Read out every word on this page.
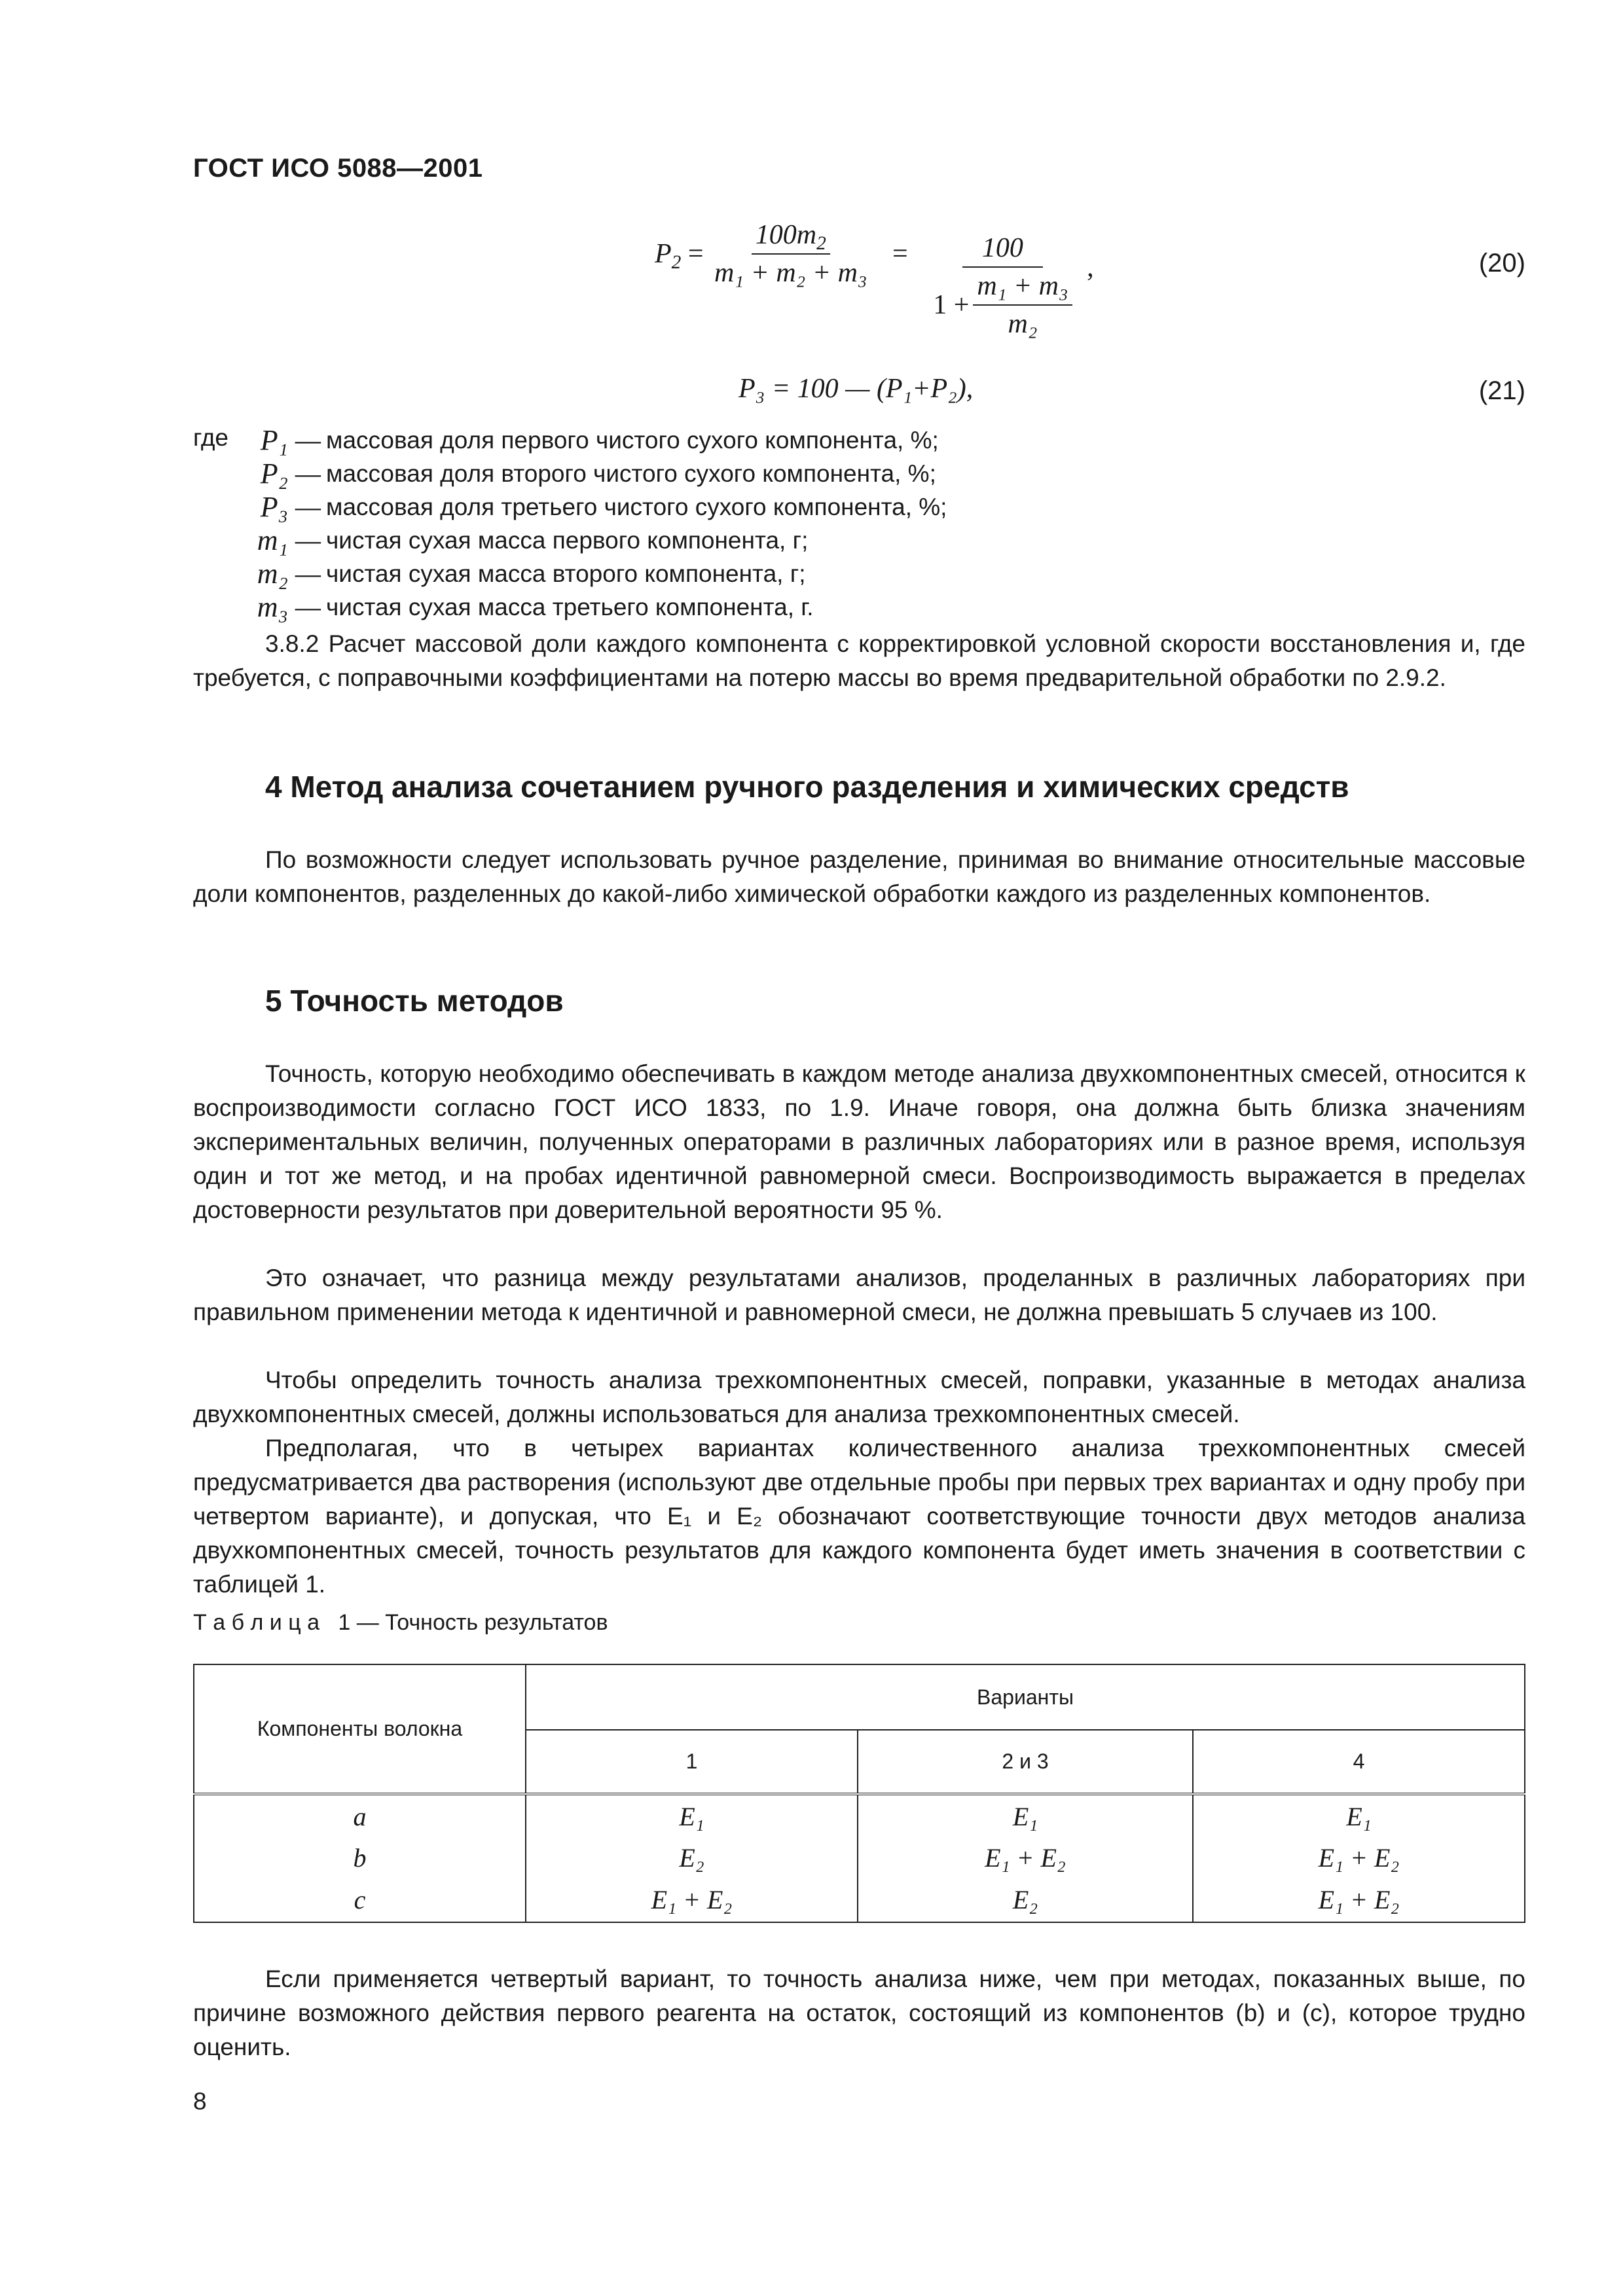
ГОСТ ИСО 5088—2001
$P_2 = \frac{100m_2}{\text{m₁ + m₂ + m₃}} = \frac{100}{1 + \frac{\text{m₁ + m₃}}{\text{m₂}}}$ ,	(20)
P₃ = 100 — (P₁+P₂),	(21)
где P₁ — массовая доля первого чистого сухого компонента, %;
P₂ — массовая доля второго чистого сухого компонента, %;
P₃ — массовая доля третьего чистого сухого компонента, %;
m₁ — чистая сухая масса первого компонента, г;
m₂ — чистая сухая масса второго компонента, г;
m₃ — чистая сухая масса третьего компонента, г.
3.8.2 Расчет массовой доли каждого компонента с корректировкой условной скорости восстановления и, где требуется, с поправочными коэффициентами на потерю массы во время предварительной обработки по 2.9.2.
4 Метод анализа сочетанием ручного разделения и химических средств
По возможности следует использовать ручное разделение, принимая во внимание относительные массовые доли компонентов, разделенных до какой-либо химической обработки каждого из разделенных компонентов.
5 Точность методов
Точность, которую необходимо обеспечивать в каждом методе анализа двухкомпонентных смесей, относится к воспроизводимости согласно ГОСТ ИСО 1833, по 1.9. Иначе говоря, она должна быть близка значениям экспериментальных величин, полученных операторами в различных лабораториях или в разное время, используя один и тот же метод, и на пробах идентичной равномерной смеси. Воспроизводимость выражается в пределах достоверности результатов при доверительной вероятности 95 %.
Это означает, что разница между результатами анализов, проделанных в различных лабораториях при правильном применении метода к идентичной и равномерной смеси, не должна превышать 5 случаев из 100.
Чтобы определить точность анализа трехкомпонентных смесей, поправки, указанные в методах анализа двухкомпонентных смесей, должны использоваться для анализа трехкомпонентных смесей.
Предполагая, что в четырех вариантах количественного анализа трехкомпонентных смесей предусматривается два растворения (используют две отдельные пробы при первых трех вариантах и одну пробу при четвертом варианте), и допуская, что E₁ и E₂ обозначают соответствующие точности двух методов анализа двухкомпонентных смесей, точность результатов для каждого компонента будет иметь значения в соответствии с таблицей 1.
Т а б л и ц а   1 — Точность результатов
Компоненты волокна	Варианты		
	1	2 и 3	4
a	E₁	E₁	E₁
b	E₂	E₁ + E₂	E₁ + E₂
c	E₁ + E₂	E₂	E₁ + E₂
Если применяется четвертый вариант, то точность анализа ниже, чем при методах, показанных выше, по причине возможного действия первого реагента на остаток, состоящий из компонентов (b) и (c), которое трудно оценить.
8
